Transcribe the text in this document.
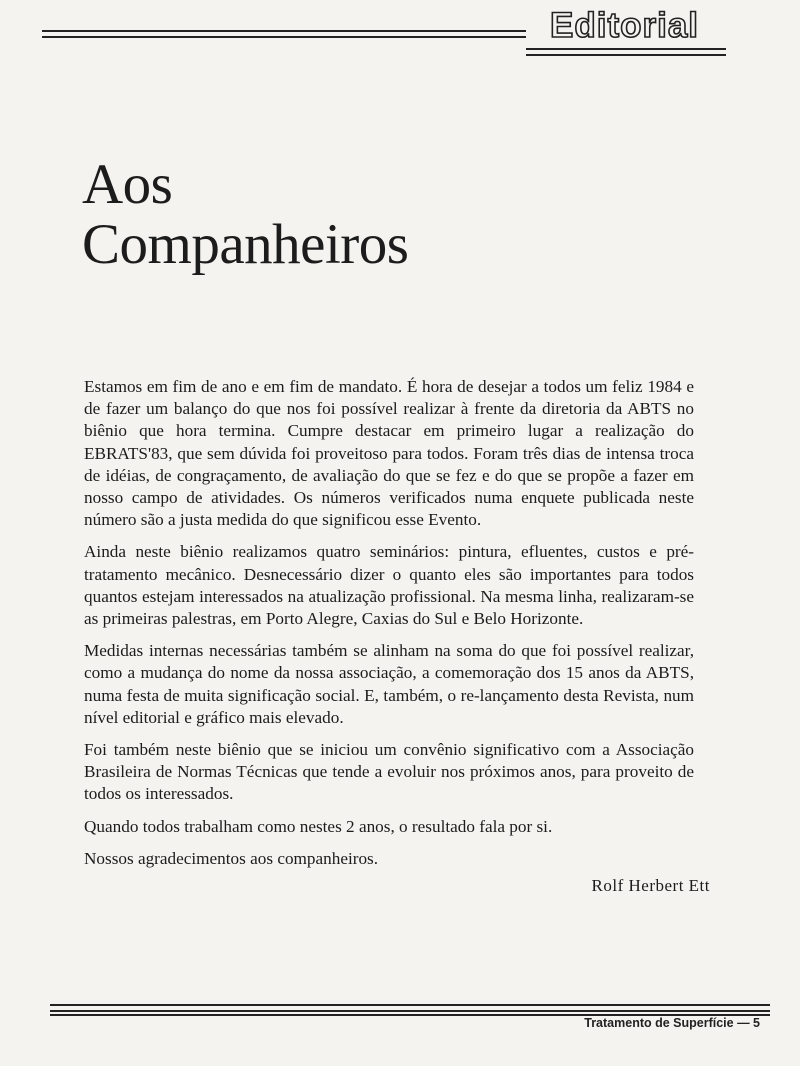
Editorial
Aos
Companheiros

Estamos em fim de ano e em fim de mandato. É hora de desejar a todos um feliz 1984 e de fazer um balanço do que nos foi possível realizar à frente da diretoria da ABTS no biênio que hora termina. Cumpre destacar em primeiro lugar a realização do EBRATS'83, que sem dúvida foi proveitoso para todos. Foram três dias de intensa troca de idéias, de congraçamento, de avaliação do que se fez e do que se propõe a fazer em nosso campo de atividades. Os números verificados numa enquete publicada neste número são a justa medida do que significou esse Evento.

Ainda neste biênio realizamos quatro seminários: pintura, efluentes, custos e pré-tratamento mecânico. Desnecessário dizer o quanto eles são importantes para todos quantos estejam interessados na atualização profissional. Na mesma linha, realizaram-se as primeiras palestras, em Porto Alegre, Caxias do Sul e Belo Horizonte.

Medidas internas necessárias também se alinham na soma do que foi possível realizar, como a mudança do nome da nossa associação, a comemoração dos 15 anos da ABTS, numa festa de muita significação social. E, também, o re-lançamento desta Revista, num nível editorial e gráfico mais elevado.

Foi também neste biênio que se iniciou um convênio significativo com a Associação Brasileira de Normas Técnicas que tende a evoluir nos próximos anos, para proveito de todos os interessados.

Quando todos trabalham como nestes 2 anos, o resultado fala por si.

Nossos agradecimentos aos companheiros.

Rolf Herbert Ett
Tratamento de Superfície — 5
